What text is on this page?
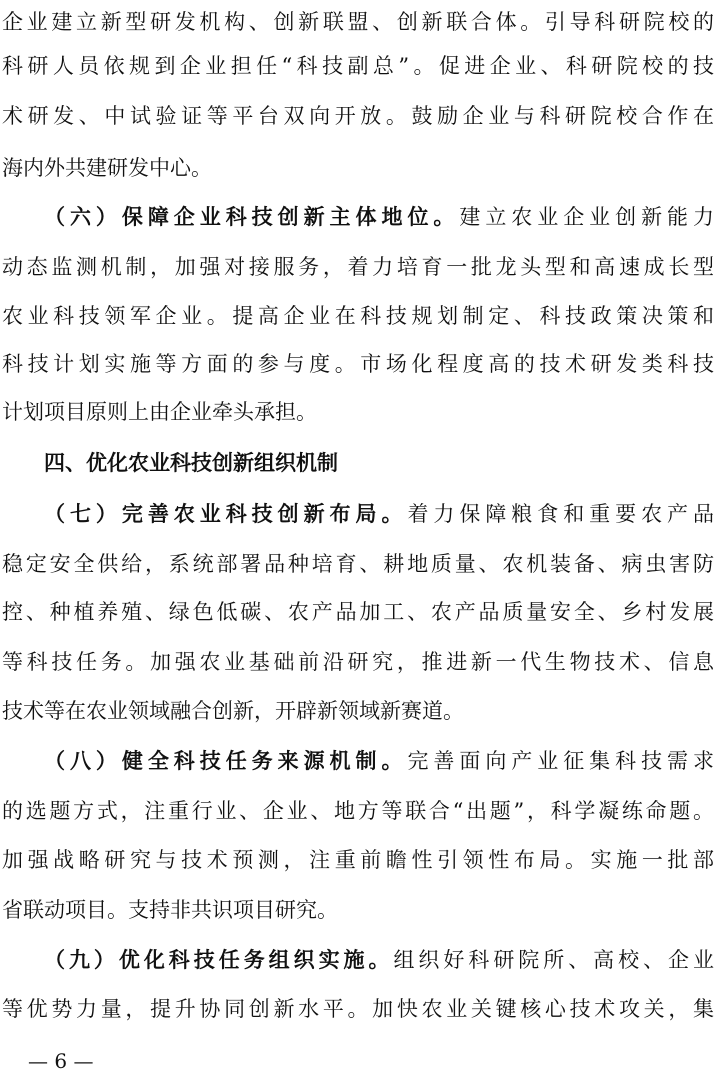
企业建立新型研发机构、创新联盟、创新联合体。引导科研院校的
科研人员依规到企业担任“科技副总”。促进企业、科研院校的技
术研发、中试验证等平台双向开放。鼓励企业与科研院校合作在
海内外共建研发中心。
（六）保障企业科技创新主体地位。建立农业企业创新能力
动态监测机制，加强对接服务，着力培育一批龙头型和高速成长型
农业科技领军企业。提高企业在科技规划制定、科技政策决策和
科技计划实施等方面的参与度。市场化程度高的技术研发类科技
计划项目原则上由企业牵头承担。
四、优化农业科技创新组织机制
（七）完善农业科技创新布局。着力保障粮食和重要农产品
稳定安全供给，系统部署品种培育、耕地质量、农机装备、病虫害防
控、种植养殖、绿色低碳、农产品加工、农产品质量安全、乡村发展
等科技任务。加强农业基础前沿研究，推进新一代生物技术、信息
技术等在农业领域融合创新，开辟新领域新赛道。
（八）健全科技任务来源机制。完善面向产业征集科技需求
的选题方式，注重行业、企业、地方等联合“出题”，科学凝练命题。
加强战略研究与技术预测，注重前瞻性引领性布局。实施一批部
省联动项目。支持非共识项目研究。
（九）优化科技任务组织实施。组织好科研院所、高校、企业
等优势力量，提升协同创新水平。加快农业关键核心技术攻关，集
— 6 —
